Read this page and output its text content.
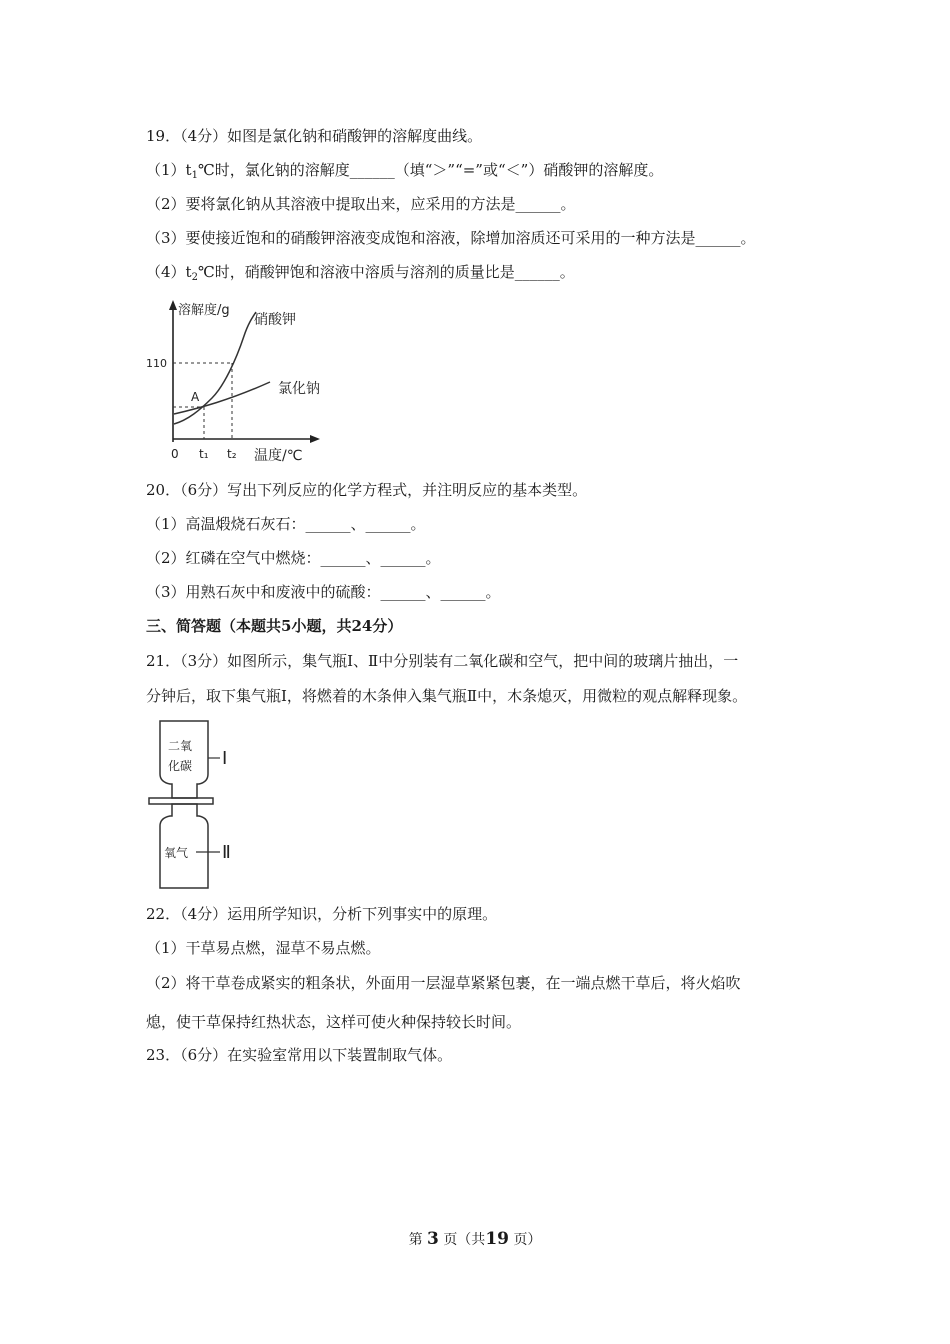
19．（4分）如图是氯化钠和硝酸钾的溶解度曲线。
$(1)t_1℃$时，氯化钠的溶解度______（填“＞”“=”或“＜”）硝酸钾的溶解度。
（2）要将氯化钠从其溶液中提取出来，应采用的方法是______。
（3）要使接近饱和的硝酸钾溶液变成饱和溶液，除增加溶质还可采用的一种方法是______。
$(4)t_2℃$时，硝酸钾饱和溶液中溶质与溶剂的质量比是______。
溶解度/g
硝酸钾
氯化钠
110
A
0 t₁ t₂ 温度/℃
20．（6分）写出下列反应的化学方程式，并注明反应的基本类型。
（1）高温煅烧石灰石：______、______。
（2）红磷在空气中燃烧：______、______。
（3）用熟石灰中和废液中的硫酸：______、______。
三、简答题（本题共5小题，共24分）
21．（3分）如图所示，集气瓶Ⅰ、Ⅱ中分别装有二氧化碳和空气，把中间的玻璃片抽出，一
分钟后，取下集气瓶Ⅰ，将燃着的木条伸入集气瓶Ⅱ中，木条熄灭，用微粒的观点解释现象。
二氧
化碳 Ⅰ
氧气 Ⅱ
22．（4分）运用所学知识，分析下列事实中的原理。
（1）干草易点燃，湿草不易点燃。
（2）将干草卷成紧实的粗条状，外面用一层湿草紧紧包裹，在一端点燃干草后，将火焰吹
熄，使干草保持红热状态，这样可使火种保持较长时间。
23．（6分）在实验室常用以下装置制取气体。
第 3 页（共19 页）
